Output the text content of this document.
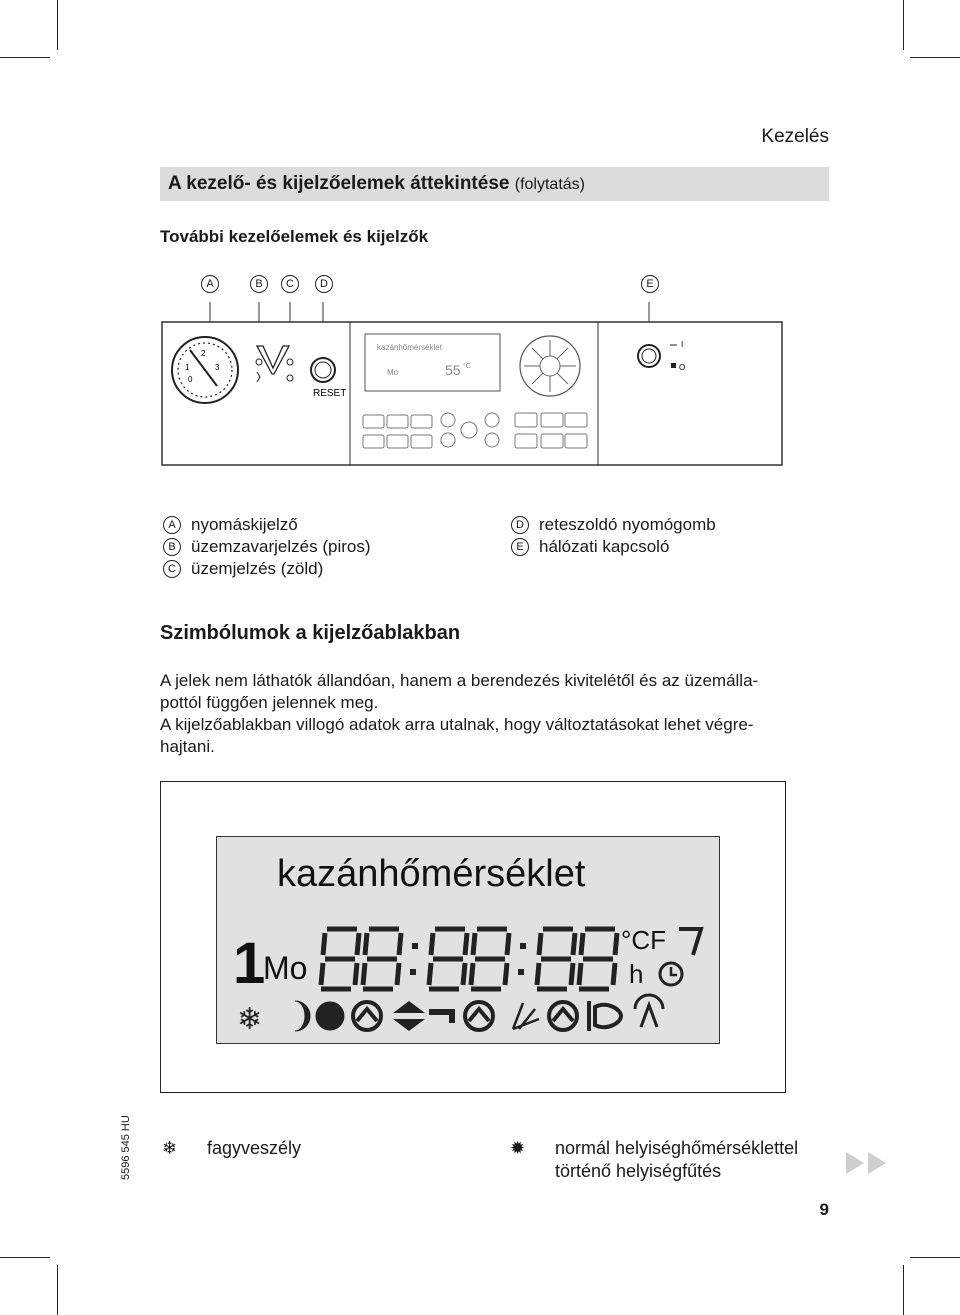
Kezelés
A kezelő- és kijelzőelemek áttekintése (folytatás)
További kezelőelemek és kijelzők
A	B	C	D	E
1
2
3
0
RESET
kazánhőmérséklet
Mo	55 °C
I
O
A nyomáskijelző
B üzemzavarjelzés (piros)
C üzemjelzés (zöld)
D reteszoldó nyomógomb
E hálózati kapcsoló
Szimbólumok a kijelzőablakban
A jelek nem láthatók állandóan, hanem a berendezés kivitelétől és az üzemálla-
pottól függően jelennek meg.
A kijelzőablakban villogó adatok arra utalnak, hogy változtatásokat lehet végre-
hajtani.
kazánhőmérséklet
1
Mo
°CF
h
❄
5596 545 HU ❄ fagyveszély	✹ normál helyiséghőmérséklettel
történő helyiségfűtés
9
